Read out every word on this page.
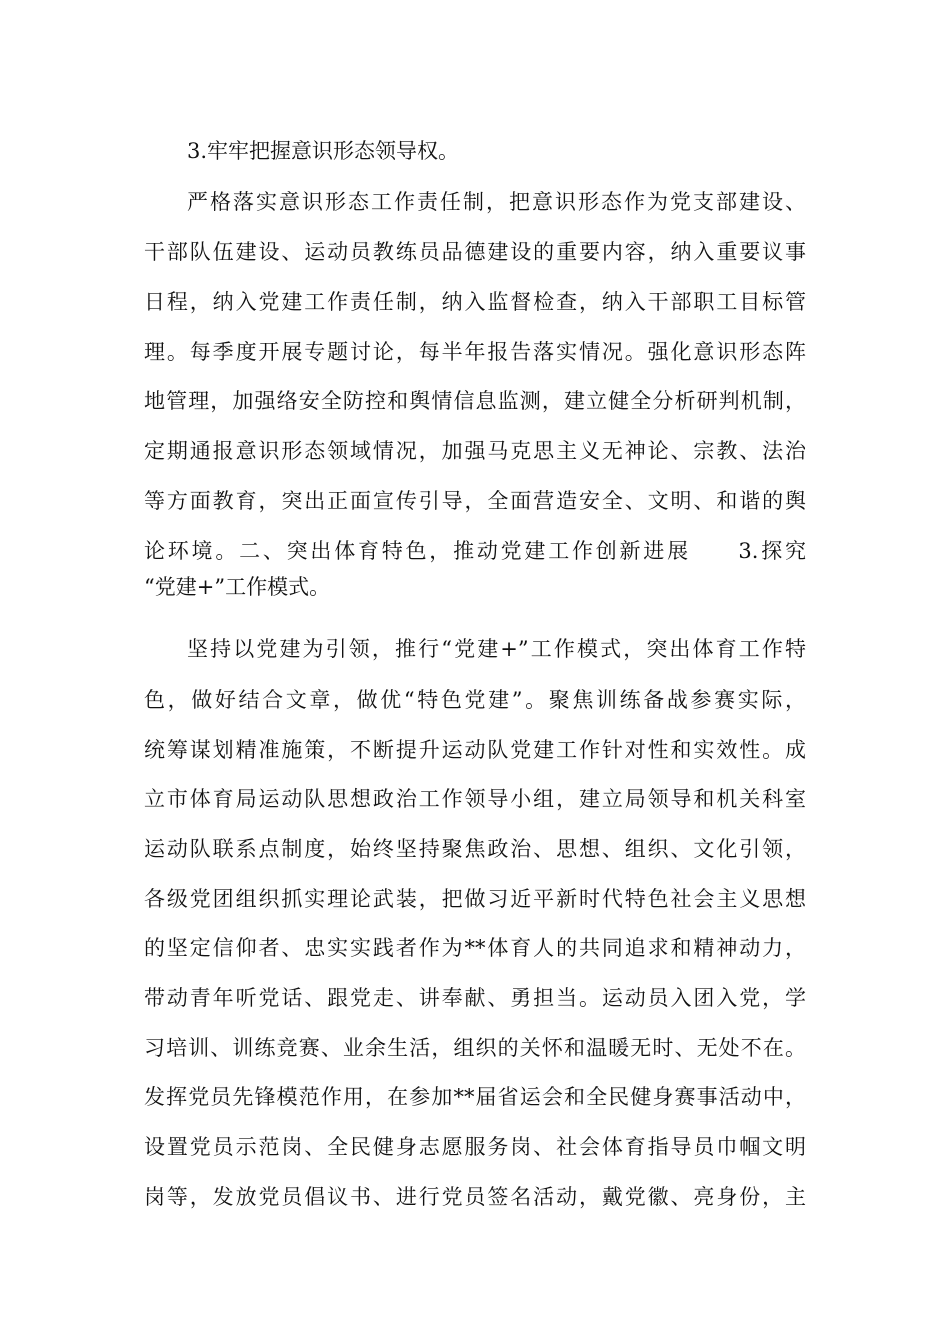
3.牢牢把握意识形态领导权。
严格落实意识形态工作责任制，把意识形态作为党支部建设、
干部队伍建设、运动员教练员品德建设的重要内容，纳入重要议事
日程，纳入党建工作责任制，纳入监督检查，纳入干部职工目标管
理。每季度开展专题讨论，每半年报告落实情况。强化意识形态阵
地管理，加强络安全防控和舆情信息监测，建立健全分析研判机制，
定期通报意识形态领域情况，加强马克思主义无神论、宗教、法治
等方面教育，突出正面宣传引导，全面营造安全、文明、和谐的舆
论环境。二、突出体育特色，推动党建工作创新进展　　3.探究
“党建+”工作模式。
坚持以党建为引领，推行“党建+”工作模式，突出体育工作特
色，做好结合文章，做优“特色党建”。聚焦训练备战参赛实际，
统筹谋划精准施策，不断提升运动队党建工作针对性和实效性。成
立市体育局运动队思想政治工作领导小组，建立局领导和机关科室
运动队联系点制度，始终坚持聚焦政治、思想、组织、文化引领，
各级党团组织抓实理论武装，把做习近平新时代特色社会主义思想
的坚定信仰者、忠实实践者作为**体育人的共同追求和精神动力，
带动青年听党话、跟党走、讲奉献、勇担当。运动员入团入党，学
习培训、训练竞赛、业余生活，组织的关怀和温暖无时、无处不在。
发挥党员先锋模范作用，在参加**届省运会和全民健身赛事活动中，
设置党员示范岗、全民健身志愿服务岗、社会体育指导员巾帼文明
岗等，发放党员倡议书、进行党员签名活动，戴党徽、亮身份，主
